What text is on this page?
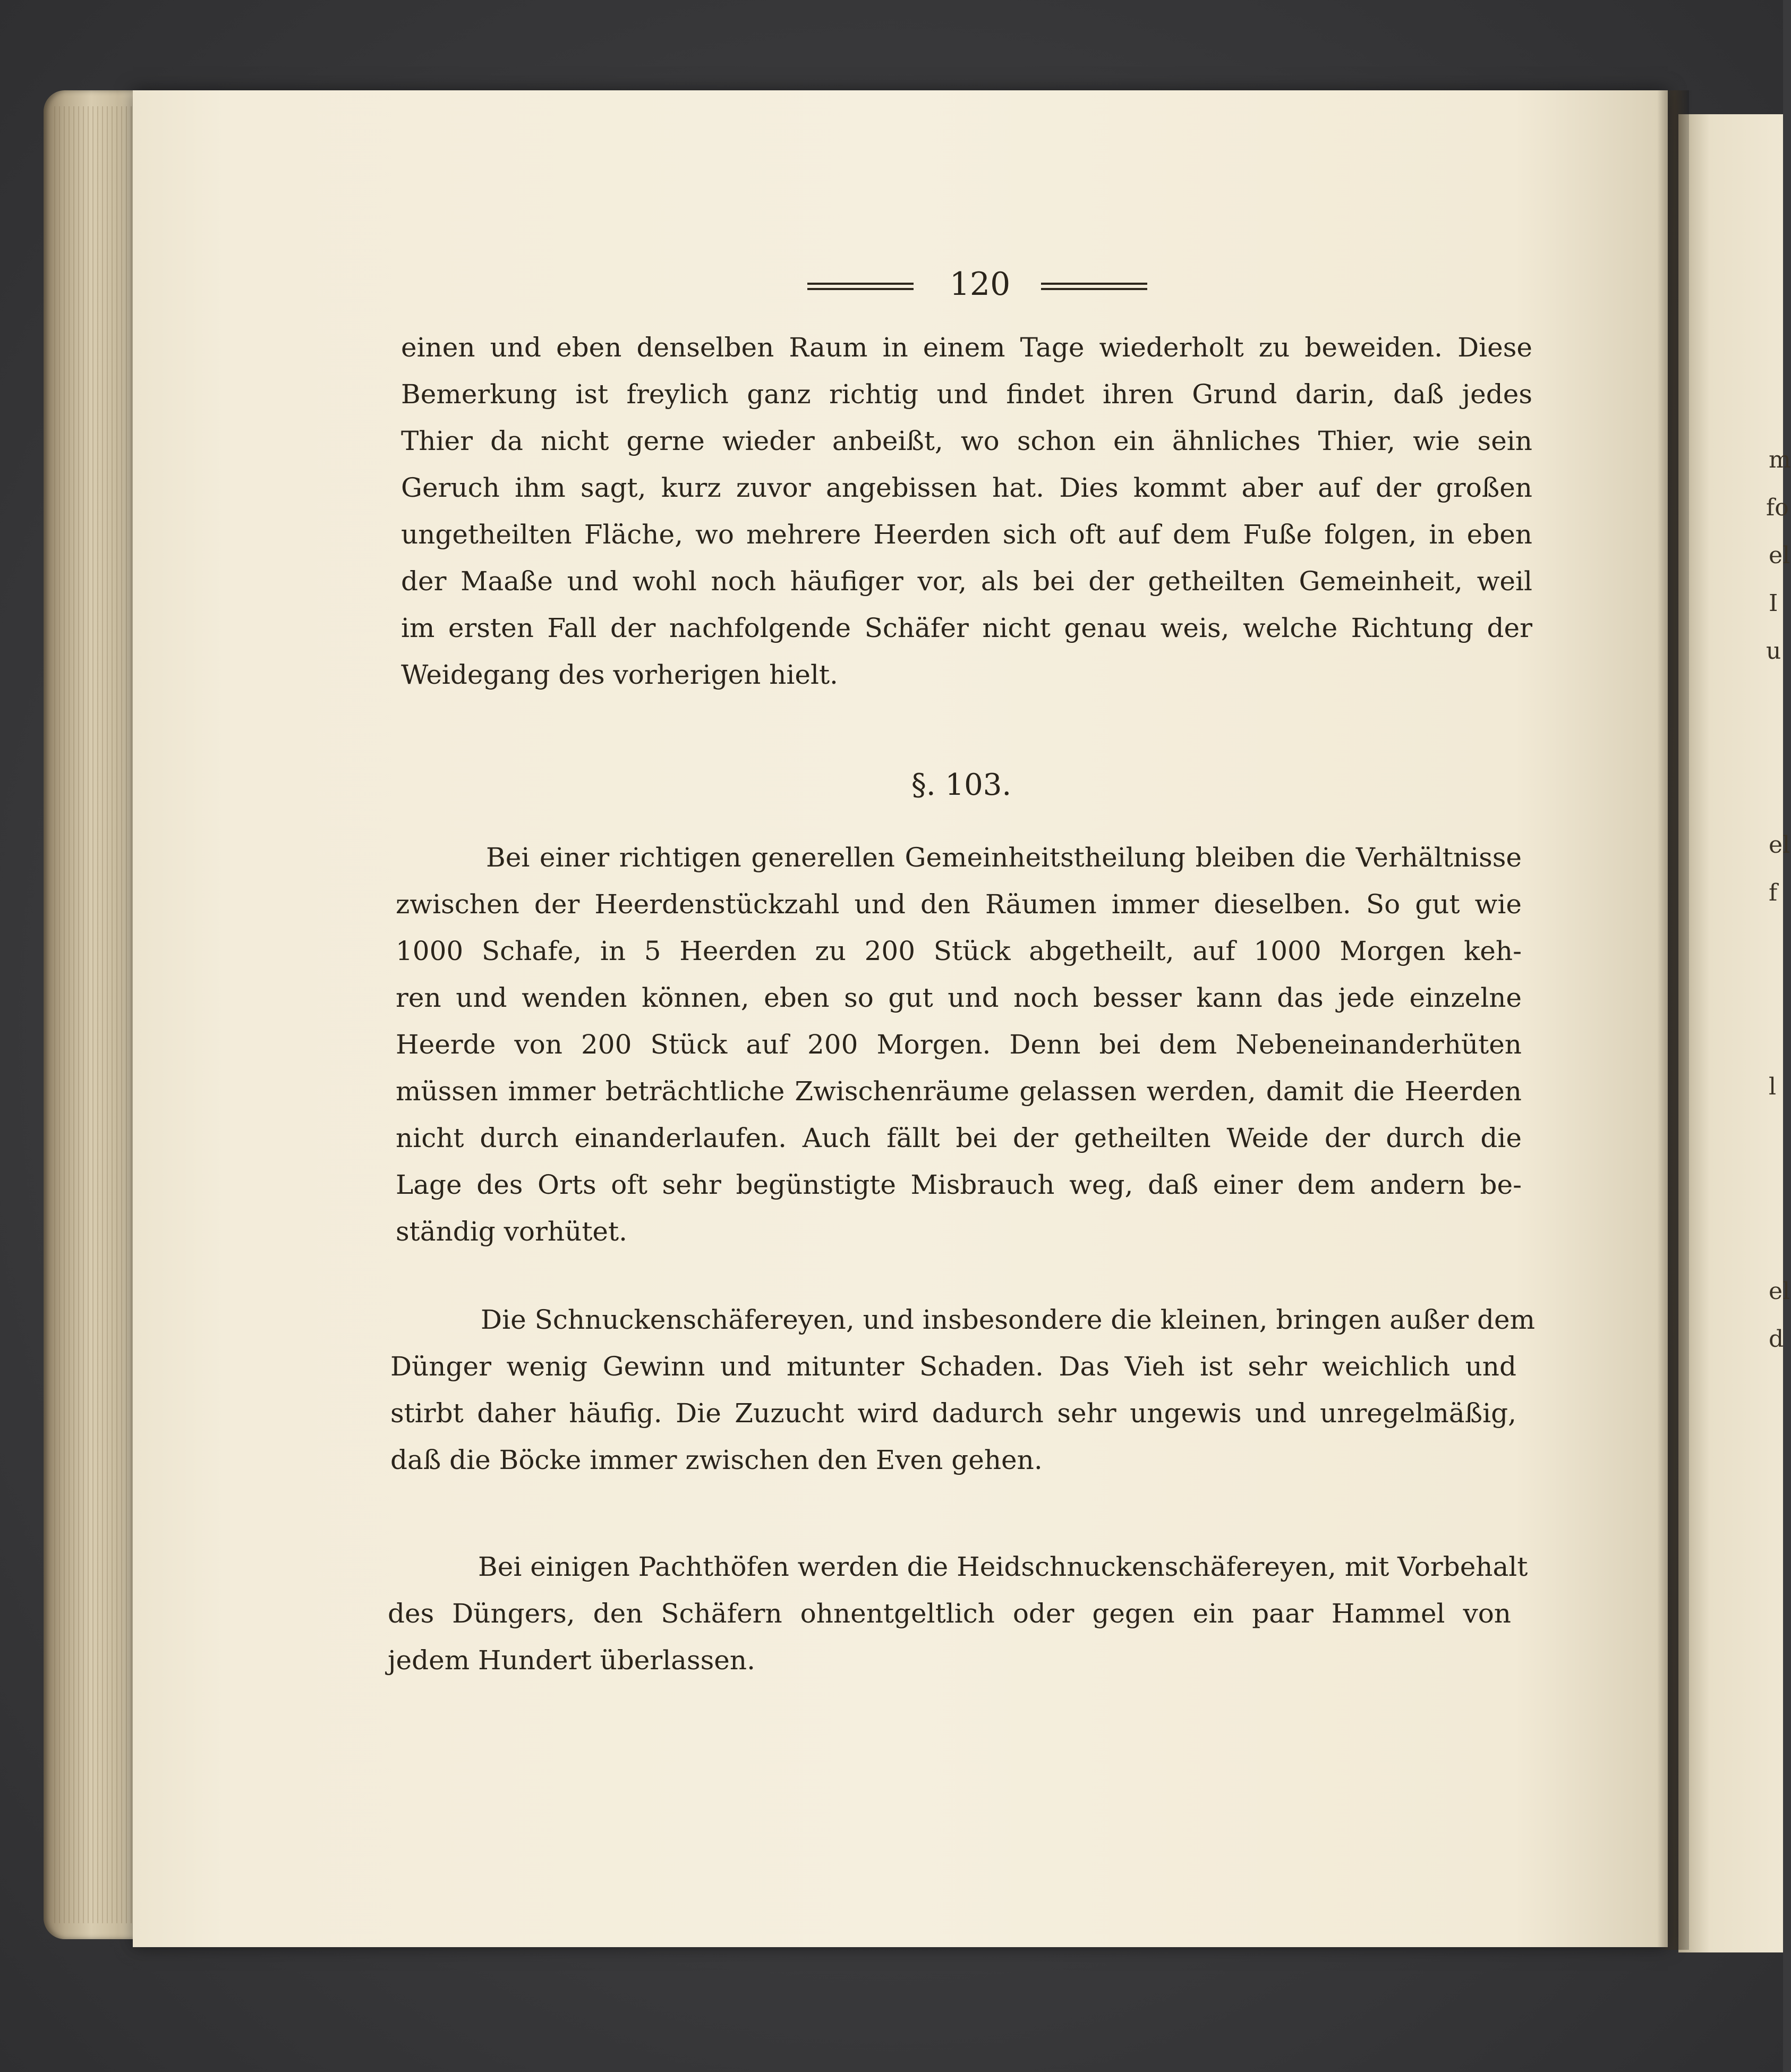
m
fo
el
I
u
el
f
l
el
d
120
einen und eben denselben Raum in einem Tage wiederholt zu beweiden. Diese
Bemerkung ist freylich ganz richtig und findet ihren Grund darin, daß jedes
Thier da nicht gerne wieder anbeißt, wo schon ein ähnliches Thier, wie sein
Geruch ihm sagt, kurz zuvor angebissen hat. Dies kommt aber auf der großen
ungetheilten Fläche, wo mehrere Heerden sich oft auf dem Fuße folgen, in eben
der Maaße und wohl noch häufiger vor, als bei der getheilten Gemeinheit, weil
im ersten Fall der nachfolgende Schäfer nicht genau weis, welche Richtung der
Weidegang des vorherigen hielt.
§. 103.
Bei einer richtigen generellen Gemeinheitstheilung bleiben die Verhältnisse
zwischen der Heerdenstückzahl und den Räumen immer dieselben. So gut wie
1000 Schafe, in 5 Heerden zu 200 Stück abgetheilt, auf 1000 Morgen keh-
ren und wenden können, eben so gut und noch besser kann das jede einzelne
Heerde von 200 Stück auf 200 Morgen. Denn bei dem Nebeneinanderhüten
müssen immer beträchtliche Zwischenräume gelassen werden, damit die Heerden
nicht durch einanderlaufen. Auch fällt bei der getheilten Weide der durch die
Lage des Orts oft sehr begünstigte Misbrauch weg, daß einer dem andern be-
ständig vorhütet.
Die Schnuckenschäfereyen, und insbesondere die kleinen, bringen außer dem
Dünger wenig Gewinn und mitunter Schaden. Das Vieh ist sehr weichlich und
stirbt daher häufig. Die Zuzucht wird dadurch sehr ungewis und unregelmäßig,
daß die Böcke immer zwischen den Even gehen.
Bei einigen Pachthöfen werden die Heidschnuckenschäfereyen, mit Vorbehalt
des Düngers, den Schäfern ohnentgeltlich oder gegen ein paar Hammel von
jedem Hundert überlassen.
